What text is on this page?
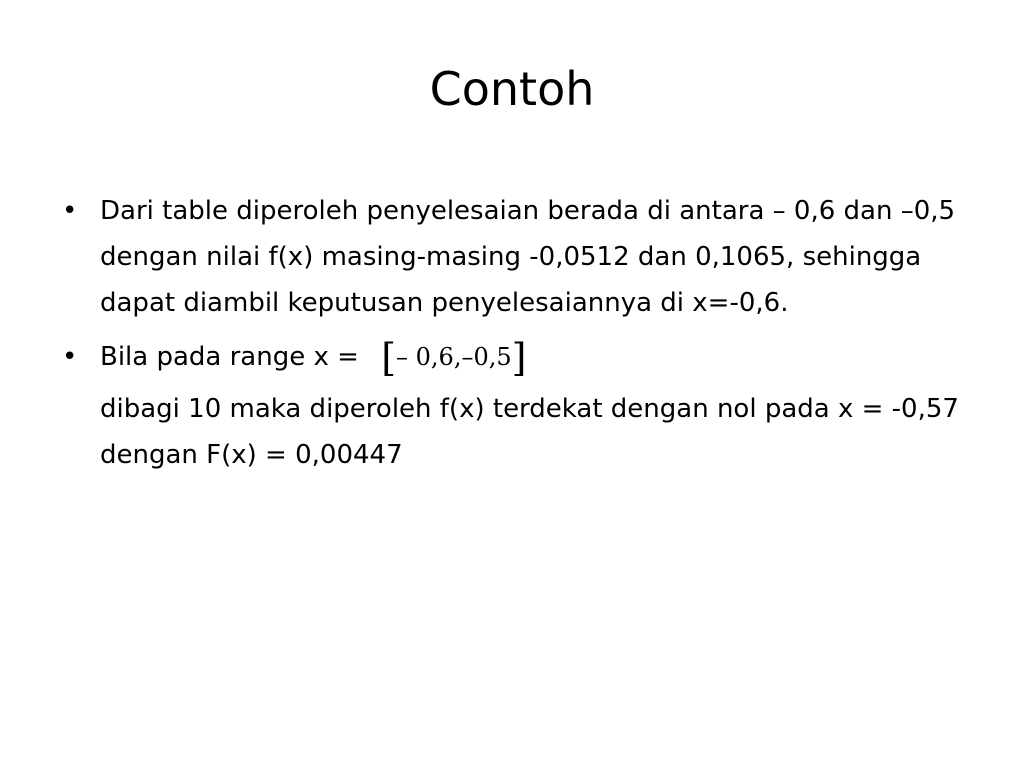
Contoh
• Dari table diperoleh penyelesaian berada di antara – 0,6 dan –0,5 dengan nilai f(x) masing-masing -0,0512 dan 0,1065, sehingga dapat diambil keputusan penyelesaiannya di x=-0,6.
• Bila pada range x = [– 0,6,–0,5]
dibagi 10 maka diperoleh f(x) terdekat dengan nol pada x = -0,57 dengan F(x) = 0,00447
